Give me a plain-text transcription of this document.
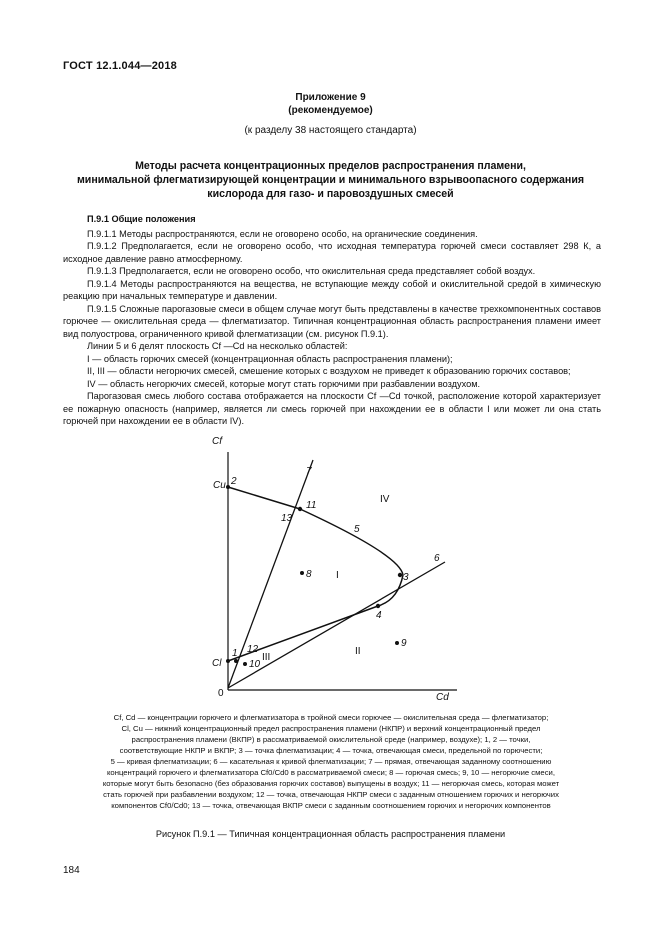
ГОСТ 12.1.044—2018
Приложение 9
(рекомендуемое)
(к разделу 38 настоящего стандарта)
Методы расчета концентрационных пределов распространения пламени,
минимальной флегматизирующей концентрации и минимального взрывоопасного содержания
кислорода для газо- и паровоздушных смесей

П.9.1 Общие положения

П.9.1.1 Методы распространяются, если не оговорено особо, на органические соединения.

П.9.1.2 Предполагается, если не оговорено особо, что исходная температура горючей смеси составляет 298 К, а исходное давление равно атмосферному.

П.9.1.3 Предполагается, если не оговорено особо, что окислительная среда представляет собой воздух.

П.9.1.4 Методы распространяются на вещества, не вступающие между собой и окислительной средой в химическую реакцию при начальных температуре и давлении.

П.9.1.5 Сложные парогазовые смеси в общем случае могут быть представлены в качестве трехкомпонентных составов горючее — окислительная среда — флегматизатор. Типичная концентрационная область распространения пламени имеет вид полуострова, ограниченного кривой флегматизации (см. рисунок П.9.1).

Линии 5 и 6 делят плоскость Cf —Cd на несколько областей:

I — область горючих смесей (концентрационная область распространения пламени);

II, III — области негорючих смесей, смешение которых с воздухом не приведет к образованию горючих составов;

IV — область негорючих смесей, которые могут стать горючими при разбавлении воздухом.

Парогазовая смесь любого состава отображается на плоскости Cf —Cd точкой, расположение которой характеризует ее пожарную опасность (например, является ли смесь горючей при нахождении ее в области I или может ли она стать горючей при нахождении ее в области IV).

Cf
Cu
Cl
0	Cd
IV
I
II
III
1
2
3
4
5
6
7
8
9
10
11
12
13
Cf, Cd — концентрации горючего и флегматизатора в тройной смеси горючее — окислительная среда — флегматизатор;
Cl, Cu — нижний концентрационный предел распространения пламени (НКПР) и верхний концентрационный предел
распространения пламени (ВКПР) в рассматриваемой окислительной среде (например, воздухе); 1, 2 — точки,
соответствующие НКПР и ВКПР; 3 — точка флегматизации; 4 — точка, отвечающая смеси, предельной по горючести;
5 — кривая флегматизации; 6 — касательная к кривой флегматизации; 7 — прямая, отвечающая заданному соотношению
концентраций горючего и флегматизатора Cf0/Cd0 в рассматриваемой смеси; 8 — горючая смесь; 9, 10 — негорючие смеси,
которые могут быть безопасно (без образования горючих составов) выпущены в воздух; 11 — негорючая смесь, которая может
стать горючей при разбавлении воздухом; 12 — точка, отвечающая НКПР смеси с заданным отношением горючих и негорючих
компонентов Cf0/Cd0; 13 — точка, отвечающая ВКПР смеси с заданным соотношением горючих и негорючих компонентов
Рисунок П.9.1 — Типичная концентрационная область распространения пламени
184
